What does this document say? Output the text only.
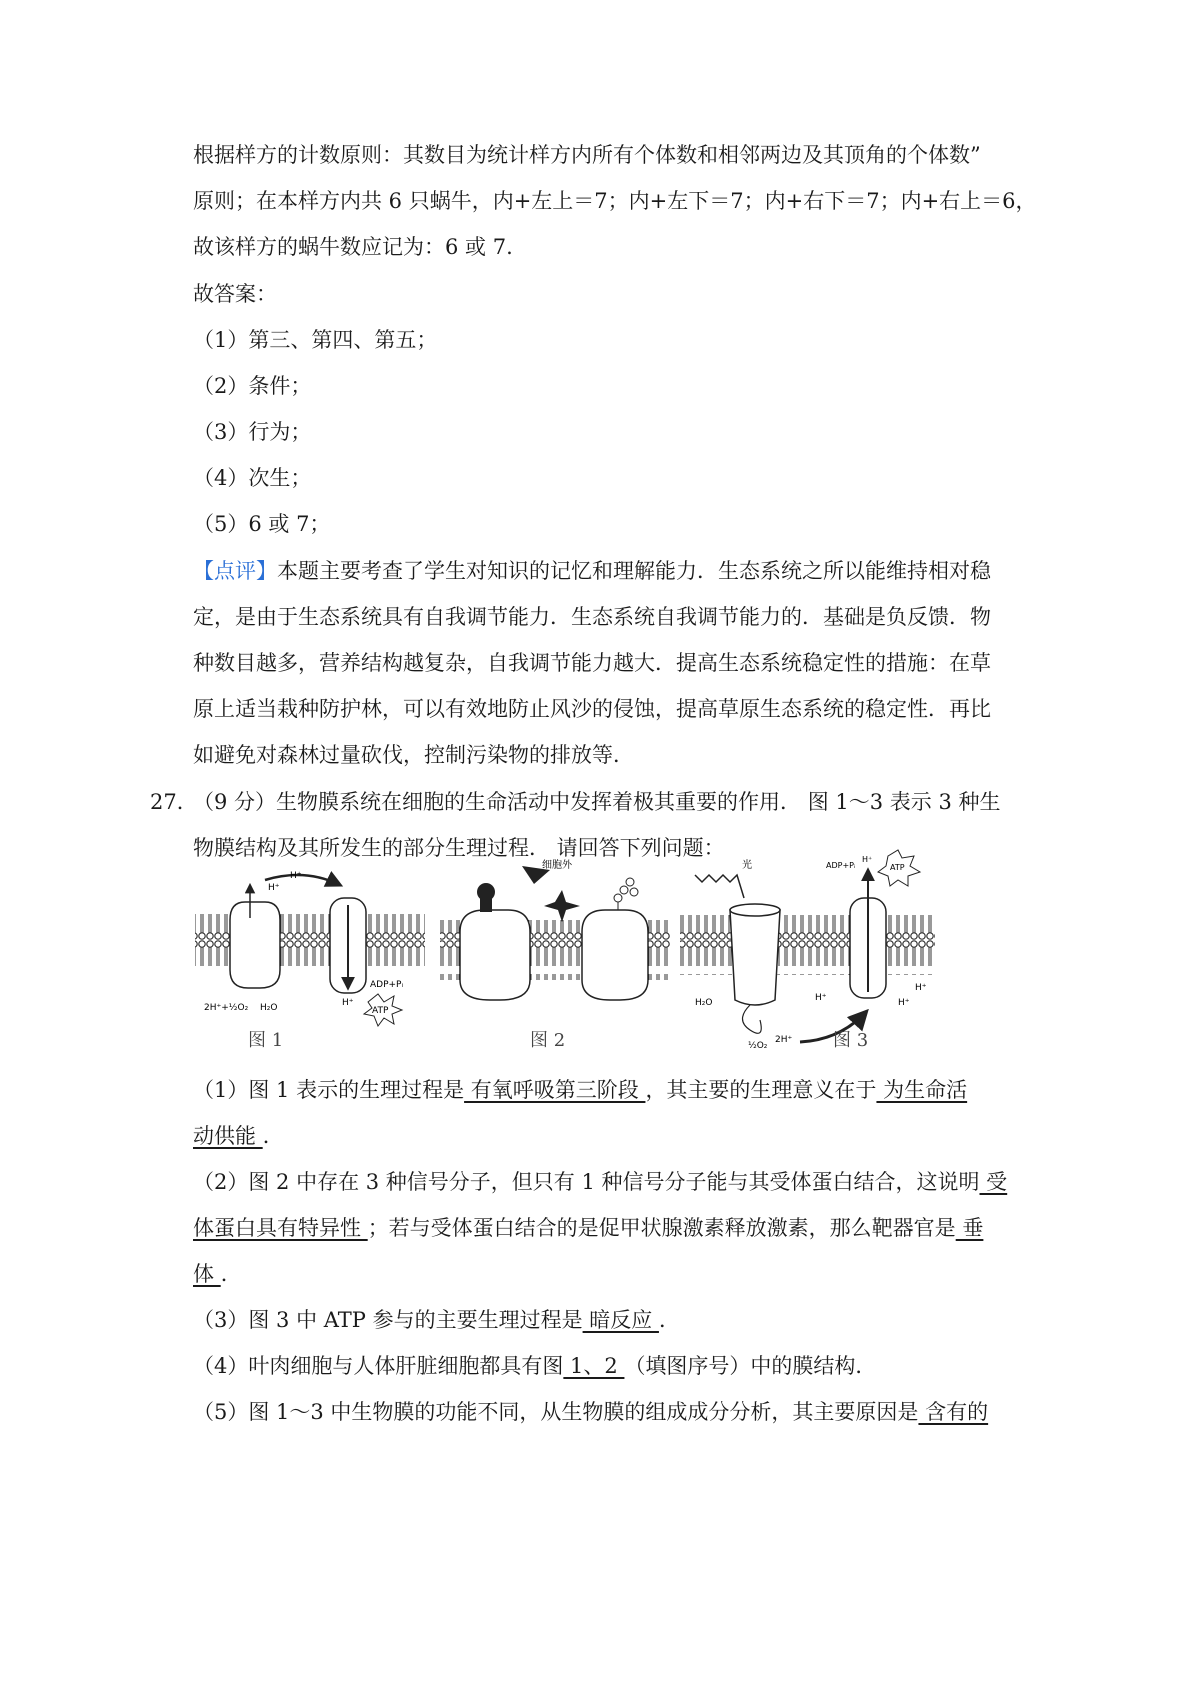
根据样方的计数原则：其数目为统计样方内所有个体数和相邻两边及其顶角的个体数”
原则；在本样方内共 6 只蜗牛，内+左上＝7；内+左下＝7；内+右下＝7；内+右上＝6，
故该样方的蜗牛数应记为：6 或 7.
故答案：
（1）第三、第四、第五；
（2）条件；
（3）行为；
（4）次生；
（5）6 或 7；
【点评】本题主要考查了学生对知识的记忆和理解能力．生态系统之所以能维持相对稳
定，是由于生态系统具有自我调节能力．生态系统自我调节能力的．基础是负反馈．物
种数目越多，营养结构越复杂，自我调节能力越大．提高生态系统稳定性的措施：在草
原上适当栽种防护林，可以有效地防止风沙的侵蚀，提高草原生态系统的稳定性．再比
如避免对森林过量砍伐，控制污染物的排放等．
27．
（9 分）生物膜系统在细胞的生命活动中发挥着极其重要的作用． 图 1～3 表示 3 种生
物膜结构及其所发生的部分生理过程． 请回答下列问题：
H⁺
H⁺
2H⁺+½O₂ H₂O
ADP+Pᵢ
H⁺
ATP
细胞外	光	ADP+Pᵢ
H⁺
ATP
H₂O
½O₂
2H⁺
H⁺	H⁺
H⁺
图 1	图 2	图 3
（1）图 1 表示的生理过程是 有氧呼吸第三阶段 ，其主要的生理意义在于 为生命活
动供能 ．
（2）图 2 中存在 3 种信号分子，但只有 1 种信号分子能与其受体蛋白结合，这说明 受
体蛋白具有特异性 ；若与受体蛋白结合的是促甲状腺激素释放激素，那么靶器官是 垂
体 ．
（3）图 3 中 ATP 参与的主要生理过程是 暗反应 ．
（4）叶肉细胞与人体肝脏细胞都具有图 1、2 （填图序号）中的膜结构．
（5）图 1～3 中生物膜的功能不同，从生物膜的组成成分分析，其主要原因是 含有的
